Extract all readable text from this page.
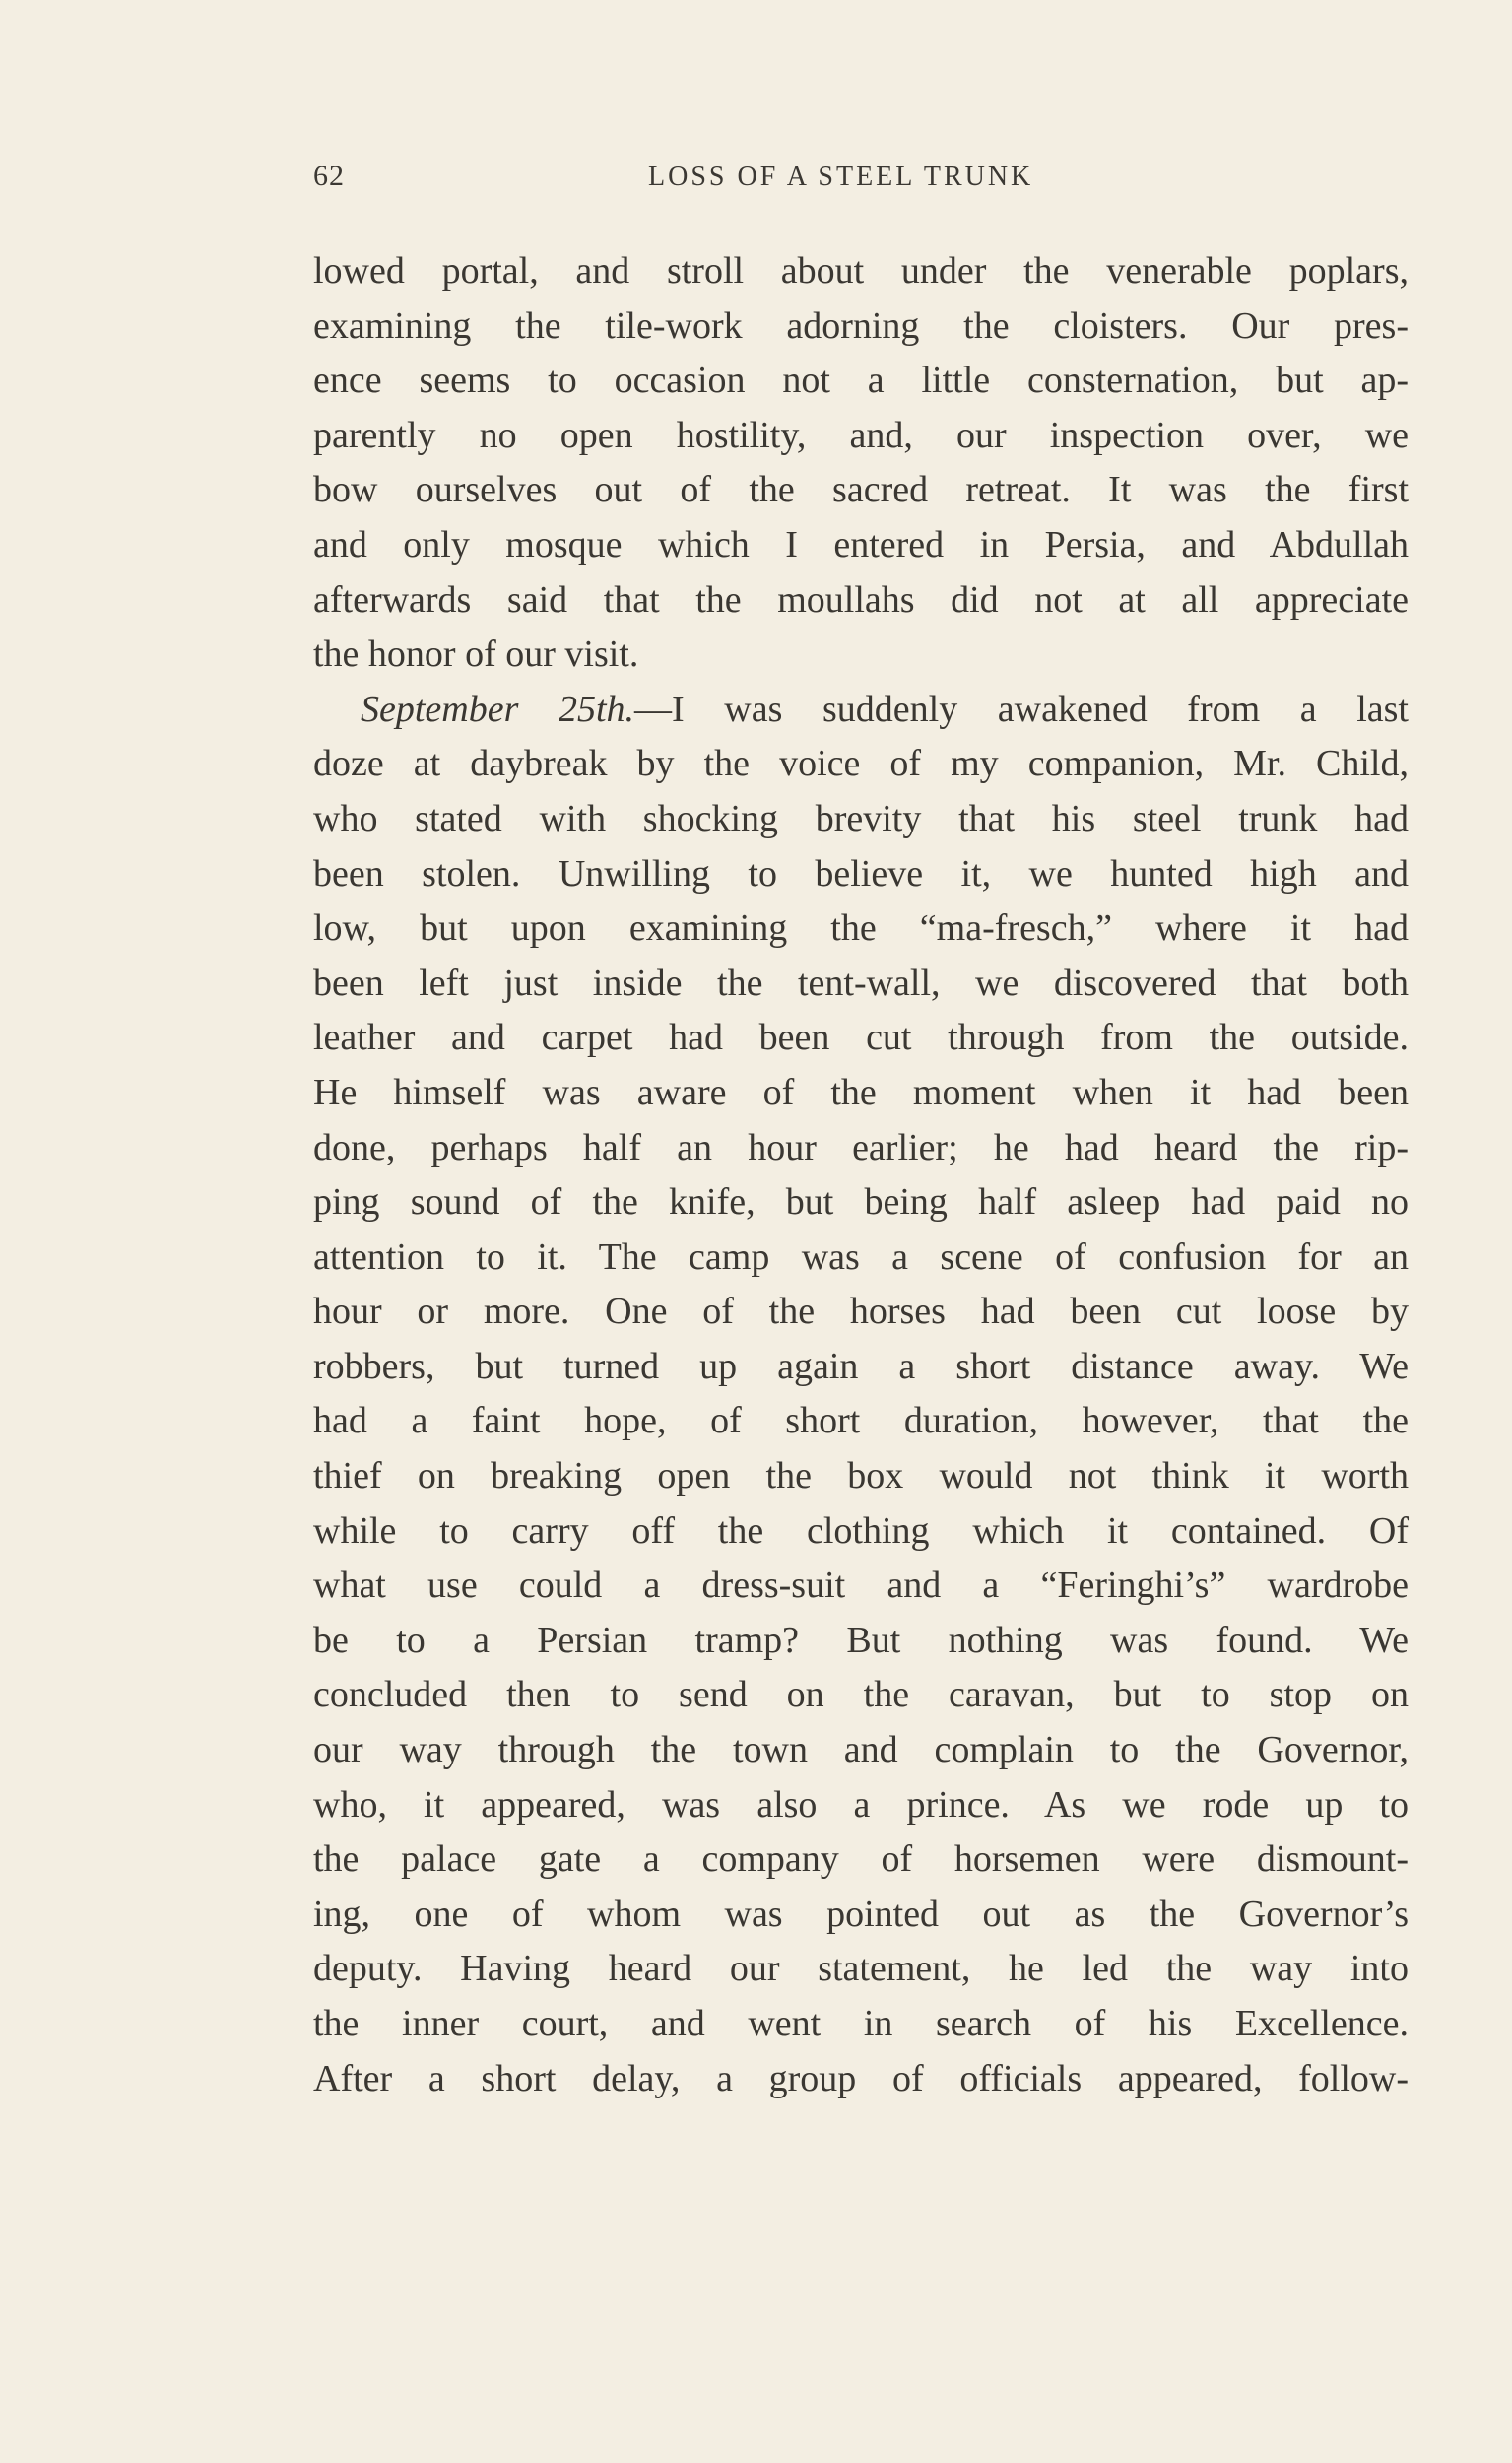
62	LOSS OF A STEEL TRUNK
lowed portal, and stroll about under the venerable poplars,
examining the tile-work adorning the cloisters. Our pres-
ence seems to occasion not a little consternation, but ap-
parently no open hostility, and, our inspection over, we
bow ourselves out of the sacred retreat. It was the first
and only mosque which I entered in Persia, and Abdullah
afterwards said that the moullahs did not at all appreciate
the honor of our visit.
September 25th.—I was suddenly awakened from a last
doze at daybreak by the voice of my companion, Mr. Child,
who stated with shocking brevity that his steel trunk had
been stolen. Unwilling to believe it, we hunted high and
low, but upon examining the “ma-fresch,” where it had
been left just inside the tent-wall, we discovered that both
leather and carpet had been cut through from the outside.
He himself was aware of the moment when it had been
done, perhaps half an hour earlier; he had heard the rip-
ping sound of the knife, but being half asleep had paid no
attention to it. The camp was a scene of confusion for an
hour or more. One of the horses had been cut loose by
robbers, but turned up again a short distance away. We
had a faint hope, of short duration, however, that the
thief on breaking open the box would not think it worth
while to carry off the clothing which it contained. Of
what use could a dress-suit and a “Feringhi’s” wardrobe
be to a Persian tramp? But nothing was found. We
concluded then to send on the caravan, but to stop on
our way through the town and complain to the Governor,
who, it appeared, was also a prince. As we rode up to
the palace gate a company of horsemen were dismount-
ing, one of whom was pointed out as the Governor’s
deputy. Having heard our statement, he led the way into
the inner court, and went in search of his Excellence.
After a short delay, a group of officials appeared, follow-
